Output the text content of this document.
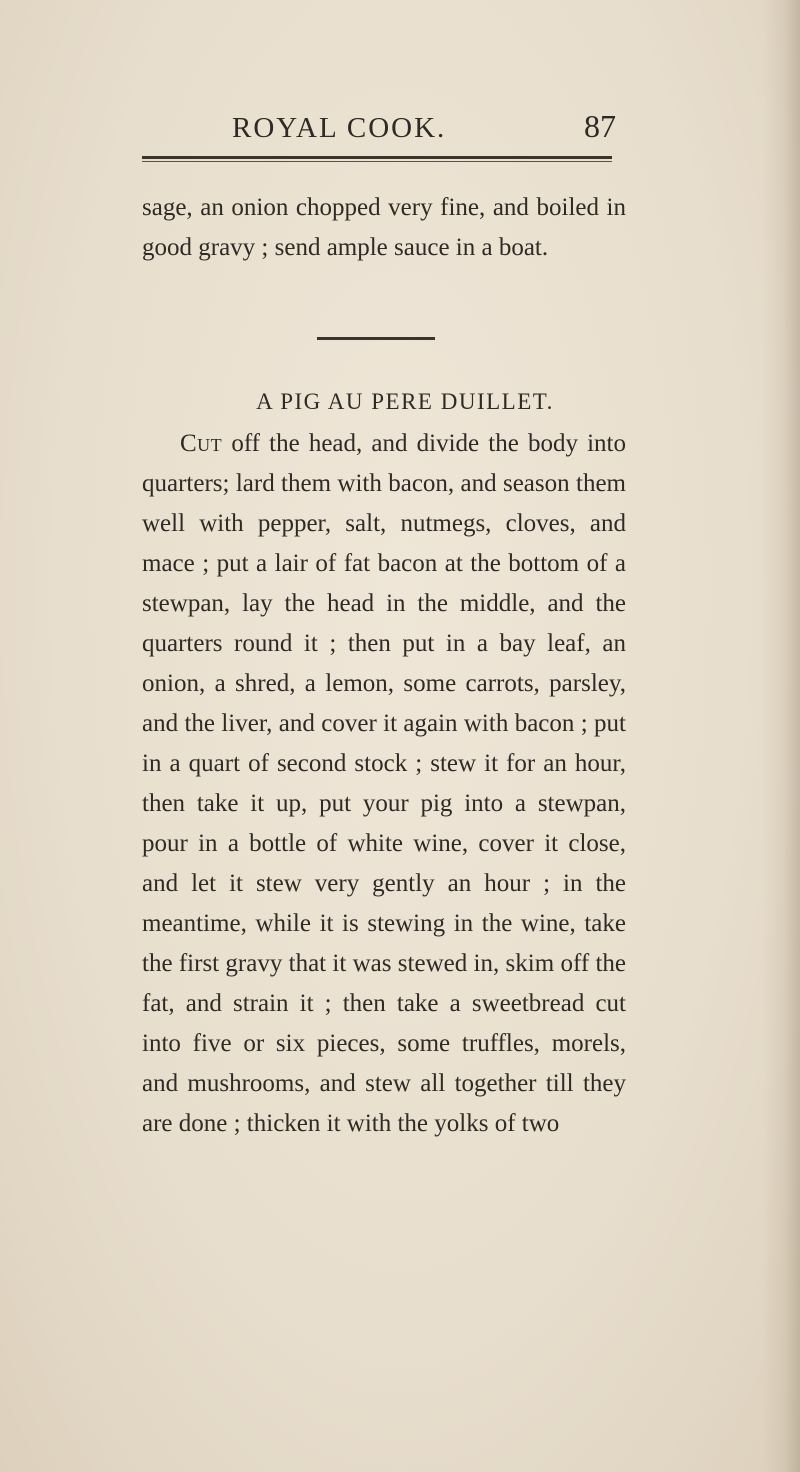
ROYAL COOK.	87

sage, an onion chopped very fine, and boiled in good gravy ; send ample sauce in a boat.

A PIG AU PERE DUILLET.

Cut off the head, and divide the body into quarters; lard them with bacon, and season them well with pepper, salt, nutmegs, cloves, and mace ; put a lair of fat bacon at the bottom of a stewpan, lay the head in the middle, and the quarters round it ; then put in a bay leaf, an onion, a shred, a lemon, some carrots, parsley, and the liver, and cover it again with bacon ; put in a quart of second stock ; stew it for an hour, then take it up, put your pig into a stewpan, pour in a bottle of white wine, cover it close, and let it stew very gently an hour ; in the meantime, while it is stewing in the wine, take the first gravy that it was stewed in, skim off the fat, and strain it ; then take a sweetbread cut into five or six pieces, some truffles, morels, and mushrooms, and stew all together till they are done ; thicken it with the yolks of two
